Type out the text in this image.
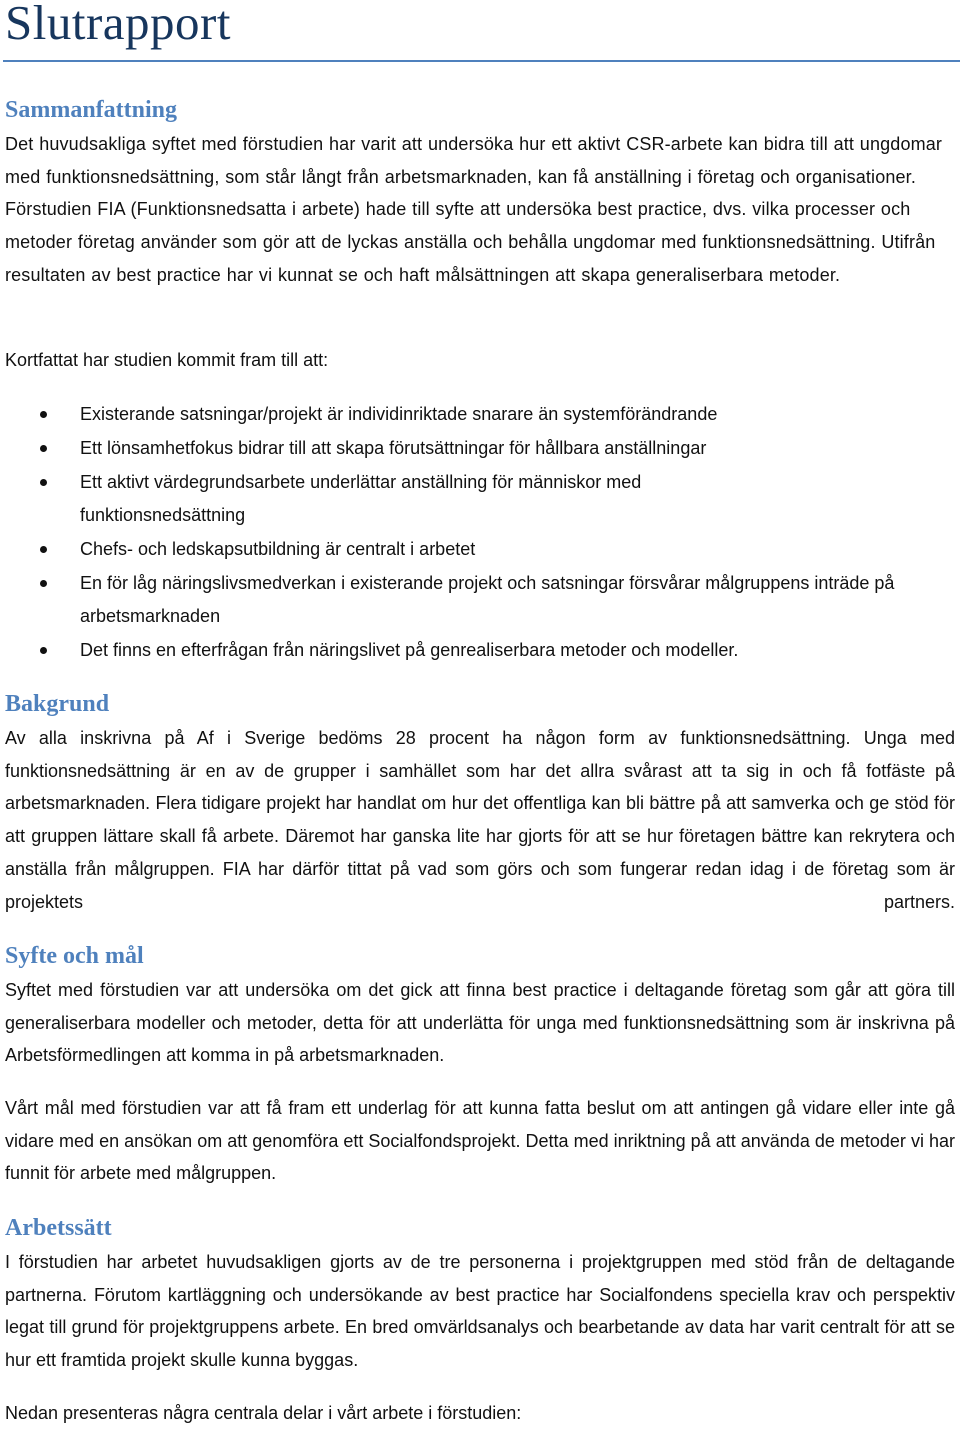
Slutrapport
Sammanfattning

Det huvudsakliga syftet med förstudien har varit att undersöka hur ett aktivt CSR-arbete kan bidra till att ungdomar med funktionsnedsättning, som står långt från arbetsmarknaden, kan få anställning i företag och organisationer. Förstudien FIA (Funktionsnedsatta i arbete) hade till syfte att undersöka best practice, dvs. vilka processer och metoder företag använder som gör att de lyckas anställa och behålla ungdomar med funktionsnedsättning. Utifrån resultaten av best practice har vi kunnat se och haft målsättningen att skapa generaliserbara metoder.

Kortfattat har studien kommit fram till att:

Existerande satsningar/projekt är individinriktade snarare än systemförändrande
Ett lönsamhetfokus bidrar till att skapa förutsättningar för hållbara anställningar
Ett aktivt värdegrundsarbete underlättar anställning för människor med funktionsnedsättning
Chefs- och ledskapsutbildning är centralt i arbetet
En för låg näringslivsmedverkan i existerande projekt och satsningar försvårar målgruppens inträde på arbetsmarknaden
Det finns en efterfrågan från näringslivet på genrealiserbara metoder och modeller.
Bakgrund

Av alla inskrivna på Af i Sverige bedöms 28 procent ha någon form av funktionsnedsättning. Unga med funktionsnedsättning är en av de grupper i samhället som har det allra svårast att ta sig in och få fotfäste på arbetsmarknaden. Flera tidigare projekt har handlat om hur det offentliga kan bli bättre på att samverka och ge stöd för att gruppen lättare skall få arbete. Däremot har ganska lite har gjorts för att se hur företagen bättre kan rekrytera och anställa från målgruppen. FIA har därför tittat på vad som görs och som fungerar redan idag i de företag som är projektets partners.

Syfte och mål

Syftet med förstudien var att undersöka om det gick att finna best practice i deltagande företag som går att göra till generaliserbara modeller och metoder, detta för att underlätta för unga med funktionsnedsättning som är inskrivna på Arbetsförmedlingen att komma in på arbetsmarknaden.

Vårt mål med förstudien var att få fram ett underlag för att kunna fatta beslut om att antingen gå vidare eller inte gå vidare med en ansökan om att genomföra ett Socialfondsprojekt. Detta med inriktning på att använda de metoder vi har funnit för arbete med målgruppen.

Arbetssätt

I förstudien har arbetet huvudsakligen gjorts av de tre personerna i projektgruppen med stöd från de deltagande partnerna. Förutom kartläggning och undersökande av best practice har Socialfondens speciella krav och perspektiv legat till grund för projektgruppens arbete. En bred omvärldsanalys och bearbetande av data har varit centralt för att se hur ett framtida projekt skulle kunna byggas.

Nedan presenteras några centrala delar i vårt arbete i förstudien:
